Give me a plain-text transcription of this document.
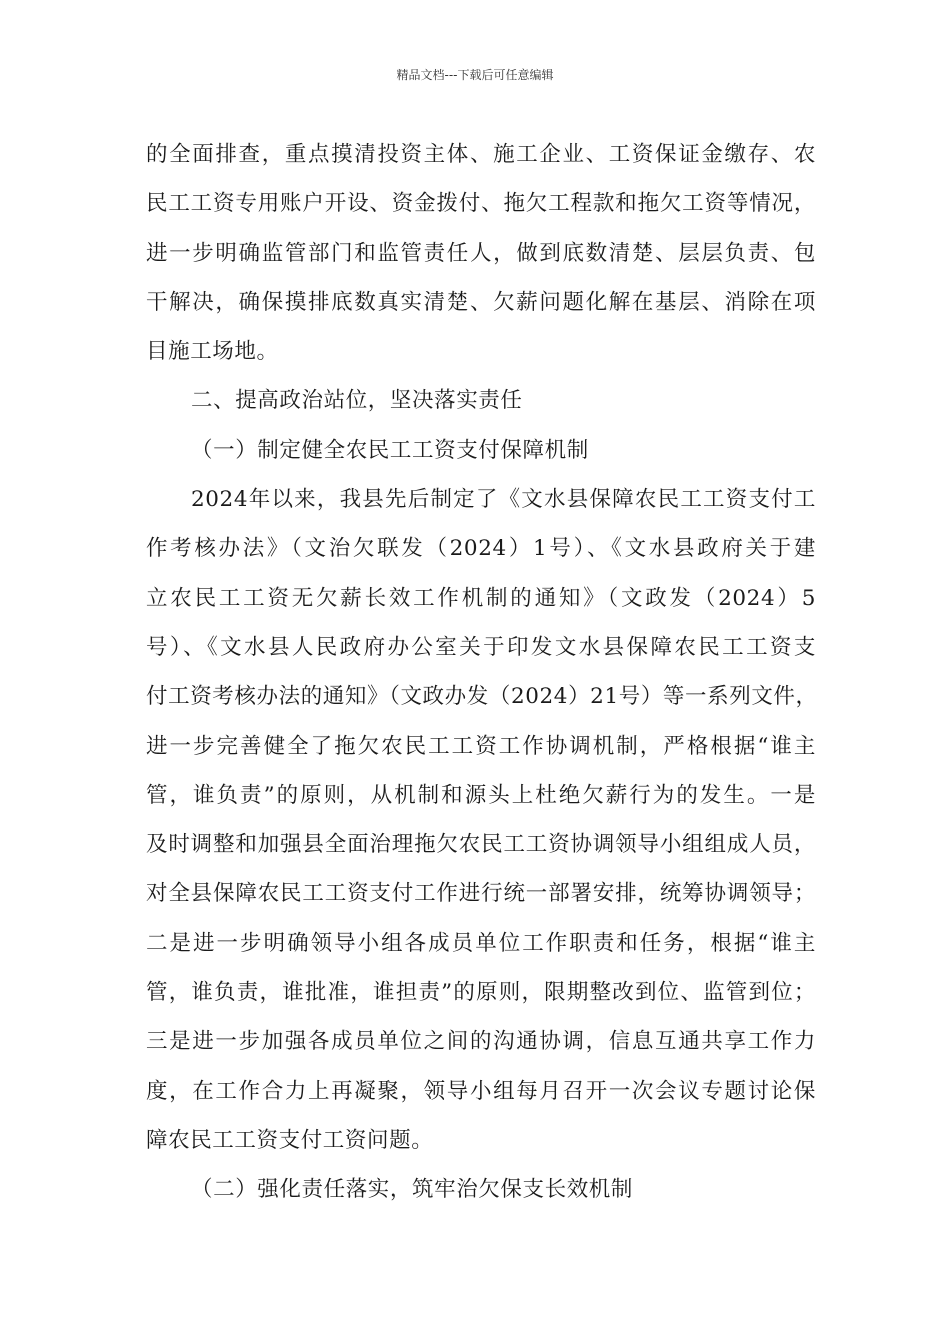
精品文档---下载后可任意编辑
的全面排查，重点摸清投资主体、施工企业、工资保证金缴存、农
民工工资专用账户开设、资金拨付、拖欠工程款和拖欠工资等情况，
进一步明确监管部门和监管责任人，做到底数清楚、层层负责、包
干解决，确保摸排底数真实清楚、欠薪问题化解在基层、消除在项
目施工场地。
二、提高政治站位，坚决落实责任
（一）制定健全农民工工资支付保障机制
2024年以来，我县先后制定了《文水县保障农民工工资支付工
作考核办法》（文治欠联发（2024）1号）、《文水县政府关于建
立农民工工资无欠薪长效工作机制的通知》（文政发（2024）5
号）、《文水县人民政府办公室关于印发文水县保障农民工工资支
付工资考核办法的通知》（文政办发（2024）21号）等一系列文件，
进一步完善健全了拖欠农民工工资工作协调机制，严格根据“谁主
管，谁负责”的原则，从机制和源头上杜绝欠薪行为的发生。一是
及时调整和加强县全面治理拖欠农民工工资协调领导小组组成人员，
对全县保障农民工工资支付工作进行统一部署安排，统筹协调领导；
二是进一步明确领导小组各成员单位工作职责和任务，根据“谁主
管，谁负责，谁批准，谁担责”的原则，限期整改到位、监管到位；
三是进一步加强各成员单位之间的沟通协调，信息互通共享工作力
度，在工作合力上再凝聚，领导小组每月召开一次会议专题讨论保
障农民工工资支付工资问题。
（二）强化责任落实，筑牢治欠保支长效机制
